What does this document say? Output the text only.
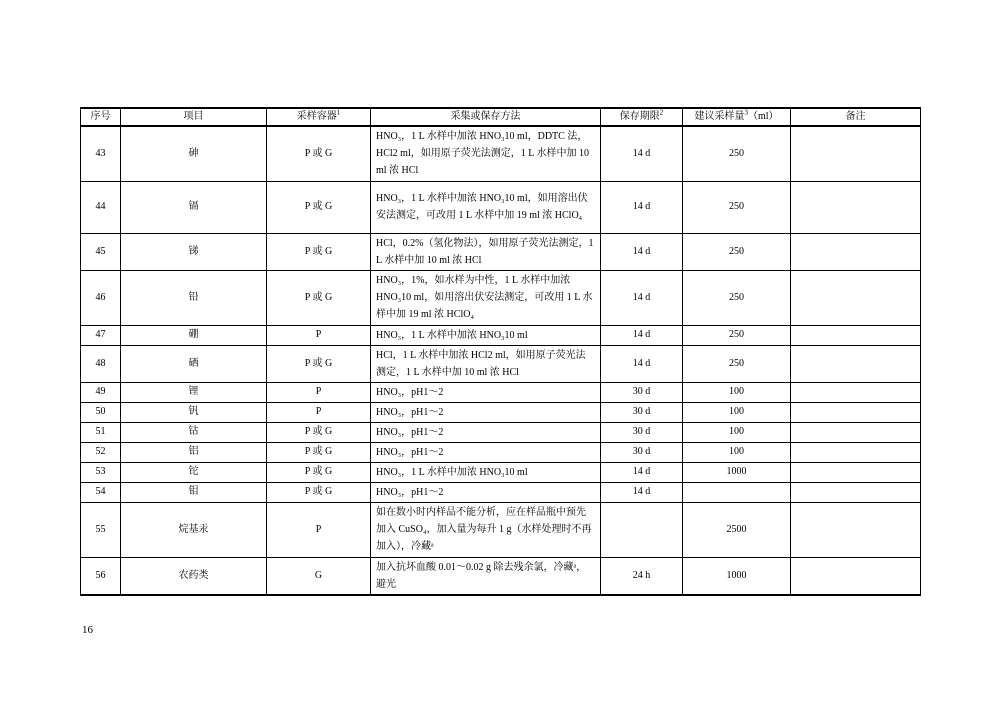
序号	项目	采样容器$^1$	采集或保存方法	保存期限$^2$	建议采样量$^3$（ml）	备注
43	砷	P 或 G	HNO₃，1 L 水样中加浓 HNO₃10 ml，DDTC 法，HCl2 ml，如用原子荧光法测定，1 L 水样中加 10 ml 浓 HCl	14 d	250	
44	镉	P 或 G	HNO₃，1 L 水样中加浓 HNO₃10 ml，如用溶出伏安法测定，可改用 1 L 水样中加 19 ml 浓 HClO₄	14 d	250	
45	锑	P 或 G	HCl，0.2%（氢化物法），如用原子荧光法测定，1 L 水样中加 10 ml 浓 HCl	14 d	250	
46	铅	P 或 G	HNO₃，1%，如水样为中性，1 L 水样中加浓 HNO₃10 ml，如用溶出伏安法测定，可改用 1 L 水样中加 19 ml 浓 HClO₄	14 d	250	
47	硼	P	HNO₃，1 L 水样中加浓 HNO₃10 ml	14 d	250	
48	硒	P 或 G	HCl，1 L 水样中加浓 HCl2 ml，如用原子荧光法测定，1 L 水样中加 10 ml 浓 HCl	14 d	250	
49	锂	P	HNO₃，pH1～2	30 d	100	
50	钒	P	HNO₃，pH1～2	30 d	100	
51	钴	P 或 G	HNO₃，pH1～2	30 d	100	
52	铝	P 或 G	HNO₃，pH1～2	30 d	100	
53	铊	P 或 G	HNO₃，1 L 水样中加浓 HNO₃10 ml	14 d	1000	
54	钼	P 或 G	HNO₃，pH1～2	14 d		
55	烷基汞	P	如在数小时内样品不能分析，应在样品瓶中预先加入 CuSO₄，加入量为每升 1 g（水样处理时不再加入），冷藏ᵃ		2500	
56	农药类	G	加入抗坏血酸 0.01～0.02 g 除去残余氯，冷藏ᵃ，避光	24 h	1000	
16
